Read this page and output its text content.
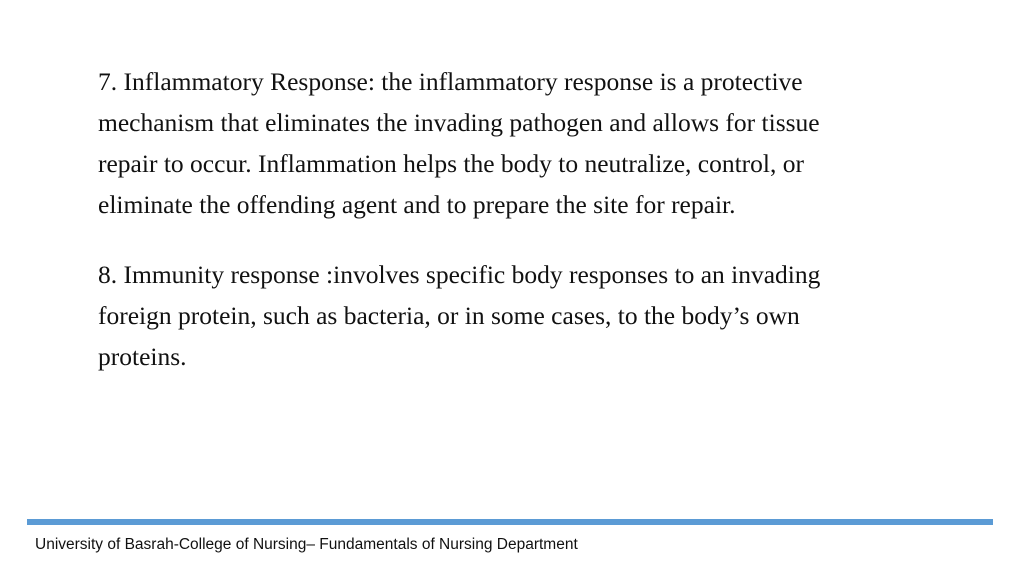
7. Inflammatory Response: the inflammatory response is a protective
mechanism that eliminates the invading pathogen and allows for tissue
repair to occur. Inflammation helps the body to neutralize, control, or
eliminate the offending agent and to prepare the site for repair.

8. Immunity response :involves specific body responses to an invading
foreign protein, such as bacteria, or in some cases, to the body’s own
proteins.

University of Basrah-College of Nursing– Fundamentals of Nursing Department
